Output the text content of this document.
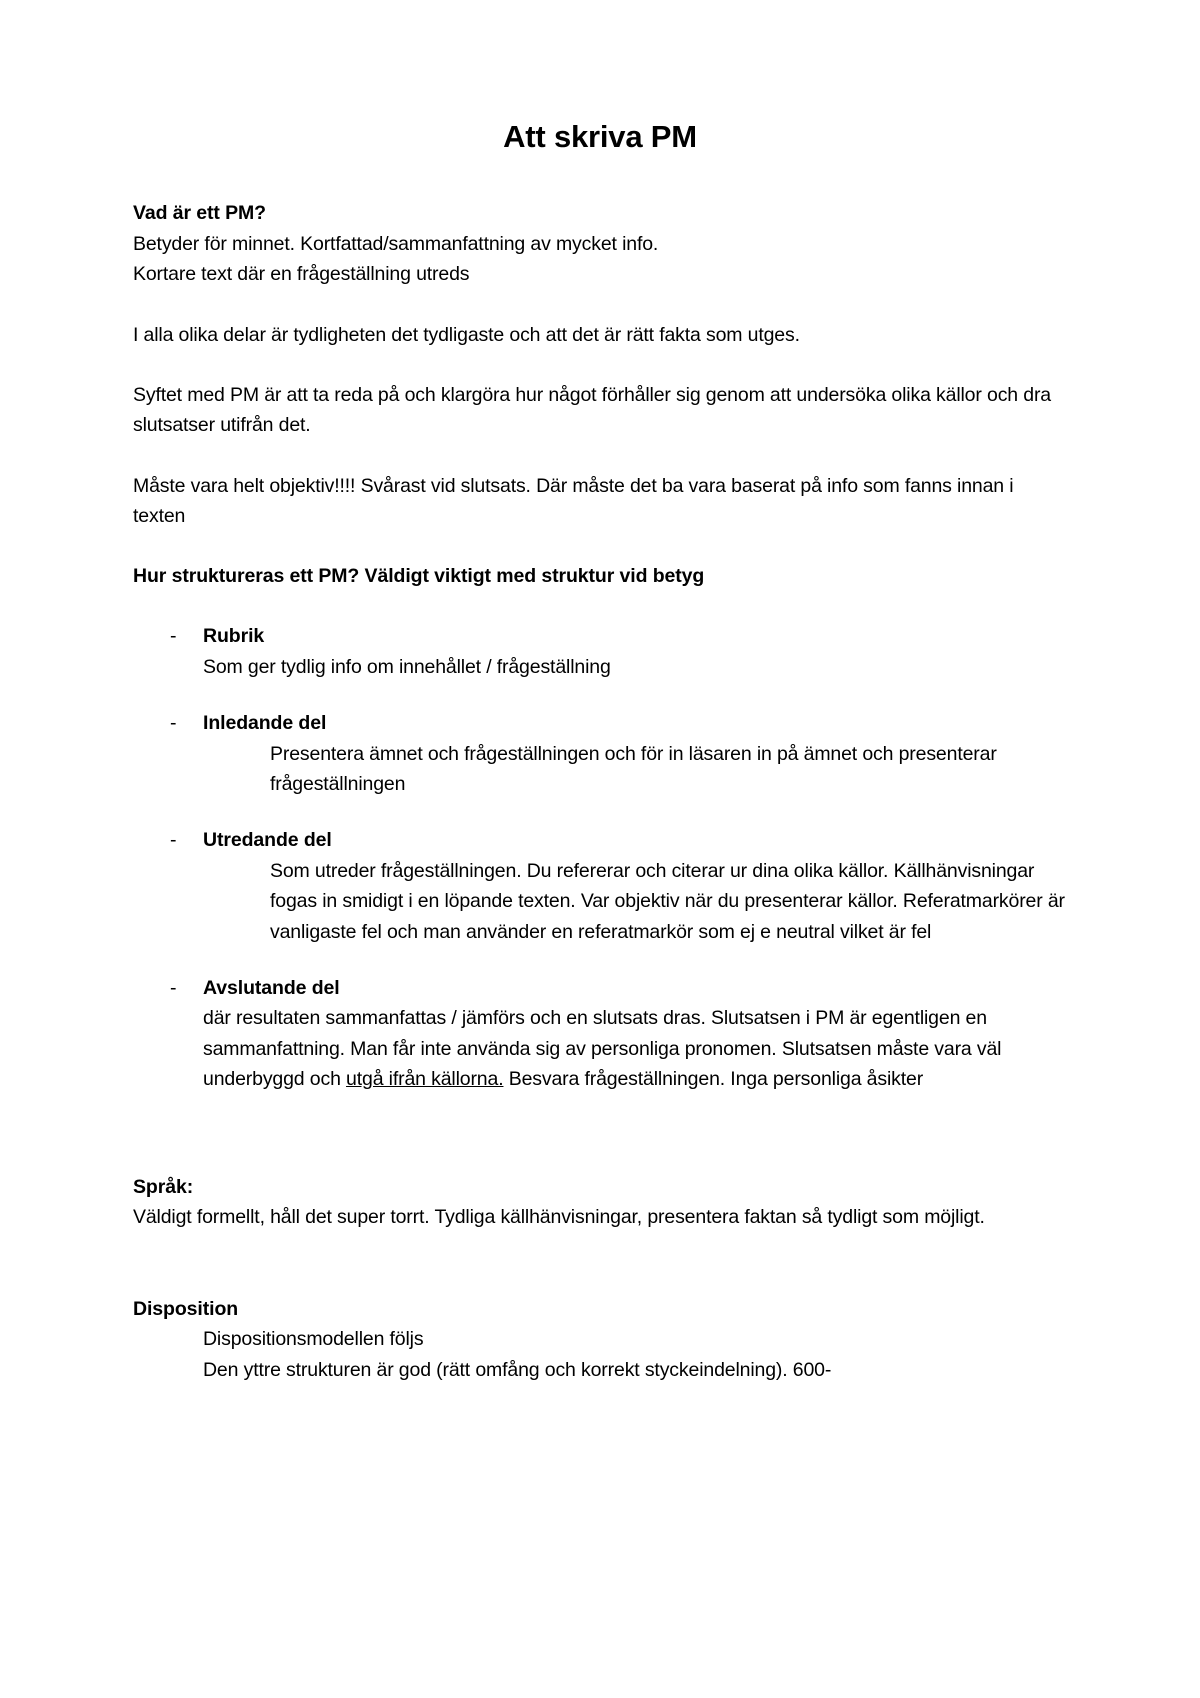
Att skriva PM
Vad är ett PM?

Betyder för minnet. Kortfattad/sammanfattning av mycket info.

Kortare text där en frågeställning utreds

I alla olika delar är tydligheten det tydligaste och att det är rätt fakta som utges.

Syftet med PM är att ta reda på och klargöra hur något förhåller sig genom att undersöka olika källor och dra slutsatser utifrån det.

Måste vara helt objektiv!!!! Svårast vid slutsats. Där måste det ba vara baserat på info som fanns innan i texten

Hur struktureras ett PM? Väldigt viktigt med struktur vid betyg
- Rubrik
Som ger tydlig info om innehållet / frågeställning
- Inledande del
Presentera ämnet och frågeställningen och för in läsaren in på ämnet och presenterar frågeställningen
- Utredande del
Som utreder frågeställningen. Du refererar och citerar ur dina olika källor. Källhänvisningar fogas in smidigt i en löpande texten. Var objektiv när du presenterar källor. Referatmarkörer är vanligaste fel och man använder en referatmarkör som ej e neutral vilket är fel
- Avslutande del
där resultaten sammanfattas / jämförs och en slutsats dras. Slutsatsen i PM är egentligen en sammanfattning. Man får inte använda sig av personliga pronomen. Slutsatsen måste vara väl underbyggd och utgå ifrån källorna. Besvara frågeställningen. Inga personliga åsikter
Språk:

Väldigt formellt, håll det super torrt. Tydliga källhänvisningar, presentera faktan så tydligt som möjligt.

Disposition
Dispositionsmodellen följs
Den yttre strukturen är god (rätt omfång och korrekt styckeindelning). 600-
